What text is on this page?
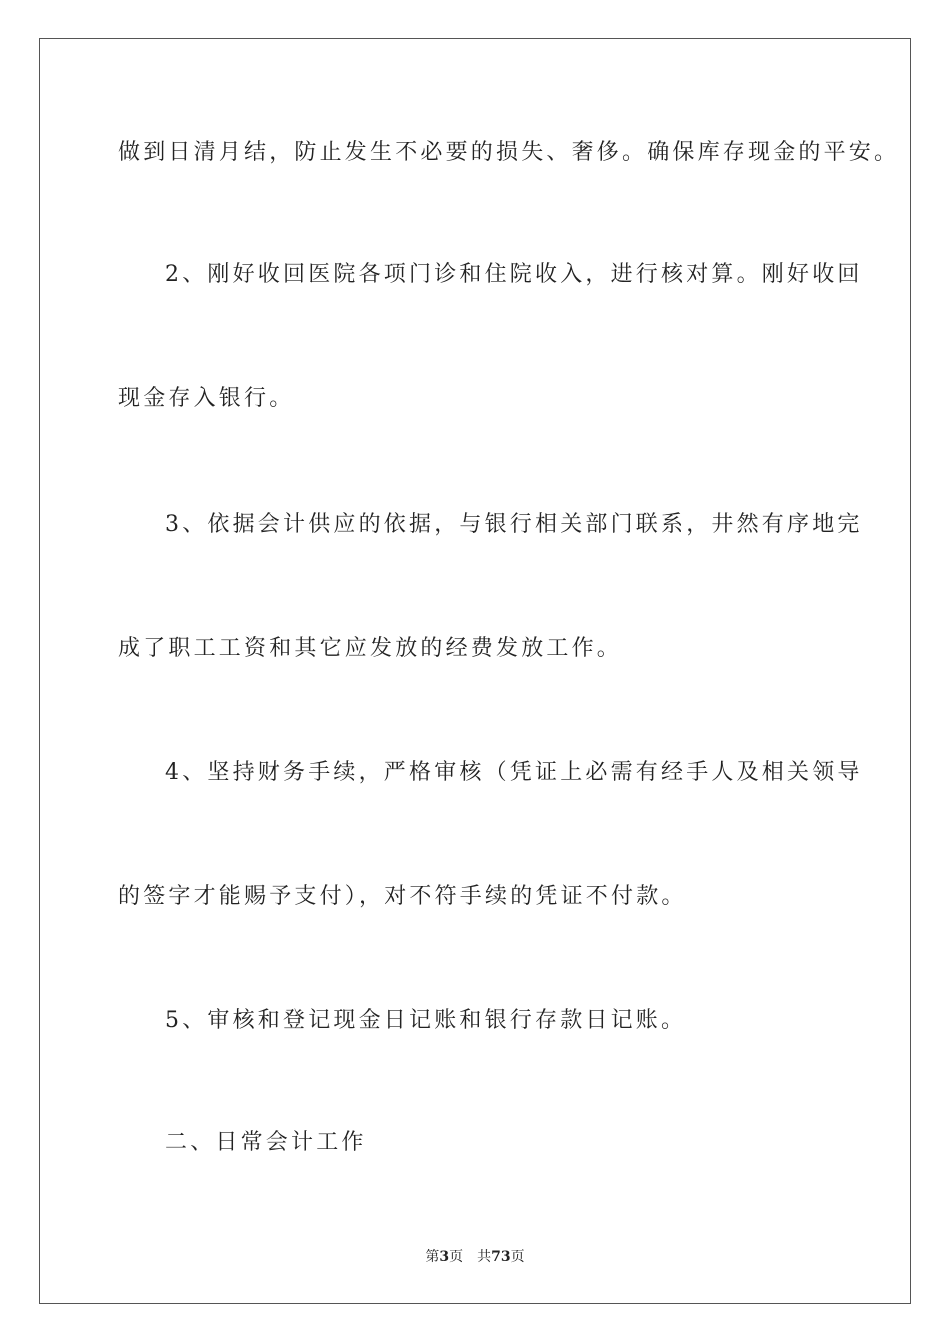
做到日清月结，防止发生不必要的损失、奢侈。确保库存现金的平安。
2、刚好收回医院各项门诊和住院收入，进行核对算。刚好收回
现金存入银行。
3、依据会计供应的依据，与银行相关部门联系，井然有序地完
成了职工工资和其它应发放的经费发放工作。
4、坚持财务手续，严格审核（凭证上必需有经手人及相关领导
的签字才能赐予支付），对不符手续的凭证不付款。
5、审核和登记现金日记账和银行存款日记账。
二、日常会计工作
第3页 共73页
